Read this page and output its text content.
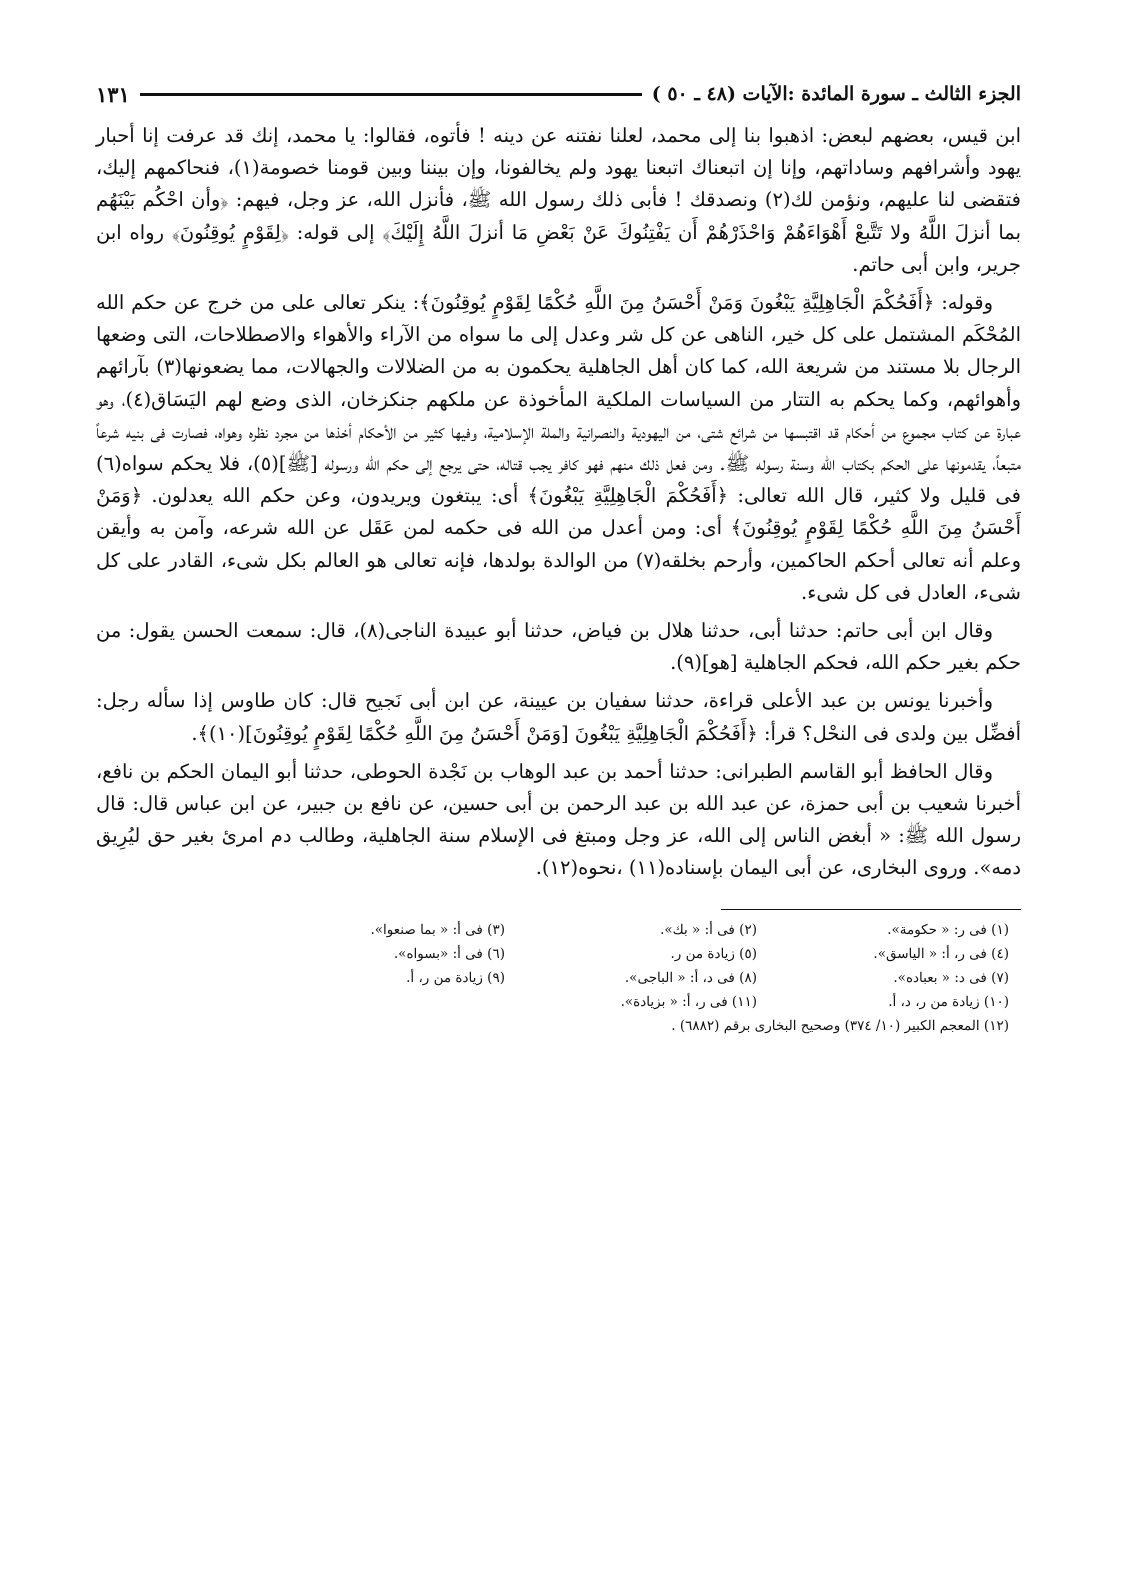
الجزء الثالث ـ سورة المائدة :الآيات (٤٨ ـ ٥٠ )
١٣١

ابن قيس، بعضهم لبعض: اذهبوا بنا إلى محمد، لعلنا نفتنه عن دينه ! فأتوه، فقالوا: يا محمد، إنك قد عرفت إنا أحبار يهود وأشرافهم وساداتهم، وإنا إن اتبعناك اتبعنا يهود ولم يخالفونا، وإن بيننا وبين قومنا خصومة(١)، فنحاكمهم إليك، فتقضى لنا عليهم، ونؤمن لك(٢) ونصدقك ! فأبى ذلك رسول الله ﷺ، فأنزل الله، عز وجل، فيهم: ﴿وأن احْكُم بَيْنَهُم بما أنزلَ اللَّهُ ولا تَتَّبعْ أَهْوَاءَهُمْ وَاحْذَرْهُمْ أَن يَفْتِنُوكَ عَنْ بَعْضِ مَا أنزلَ اللَّهُ إِلَيْكَ﴾ إلى قوله: ﴿لِقَوْمٍ يُوقِنُونَ﴾ رواه ابن جرير، وابن أبى حاتم.

وقوله: ﴿أَفَحُكْمَ الْجَاهِلِيَّةِ يَبْغُونَ وَمَنْ أَحْسَنُ مِنَ اللَّهِ حُكْمًا لِقَوْمٍ يُوقِنُونَ﴾: ينكر تعالى على من خرج عن حكم الله المُحْكَم المشتمل على كل خير، الناهى عن كل شر وعدل إلى ما سواه من الآراء والأهواء والاصطلاحات، التى وضعها الرجال بلا مستند من شريعة الله، كما كان أهل الجاهلية يحكمون به من الضلالات والجهالات، مما يضعونها(٣) بآرائهم وأهوائهم، وكما يحكم به التتار من السياسات الملكية المأخوذة عن ملكهم جنكزخان، الذى وضع لهم اليَسَاق(٤)، وهو عبارة عن كتاب مجموع من أحكام قد اقتبسها من شرائع شتى، من اليهودية والنصرانية والملة الإسلامية، وفيها كثير من الأحكام أخذها من مجرد نظره وهواه، فصارت فى بنيه شرعاً متبعاً، يقدمونها على الحكم بكتاب الله وسنة رسوله ﷺ. ومن فعل ذلك منهم فهو كافر يجب قتاله، حتى يرجع إلى حكم الله ورسوله [ﷺ](٥)، فلا يحكم سواه(٦) فى قليل ولا كثير، قال الله تعالى: ﴿أَفَحُكْمَ الْجَاهِلِيَّةِ يَبْغُونَ﴾ أى: يبتغون ويريدون، وعن حكم الله يعدلون. ﴿وَمَنْ أَحْسَنُ مِنَ اللَّهِ حُكْمًا لِقَوْمٍ يُوقِنُونَ﴾ أى: ومن أعدل من الله فى حكمه لمن عَقَل عن الله شرعه، وآمن به وأيقن وعلم أنه تعالى أحكم الحاكمين، وأرحم بخلقه(٧) من الوالدة بولدها، فإنه تعالى هو العالم بكل شىء، القادر على كل شىء، العادل فى كل شىء.

وقال ابن أبى حاتم: حدثنا أبى، حدثنا هلال بن فياض، حدثنا أبو عبيدة الناجى(٨)، قال: سمعت الحسن يقول: من حكم بغير حكم الله، فحكم الجاهلية [هو](٩).

وأخبرنا يونس بن عبد الأعلى قراءة، حدثنا سفيان بن عيينة، عن ابن أبى نَجيح قال: كان طاوس إذا سأله رجل: أفضِّل بين ولدى فى النحْل؟ قرأ: ﴿أَفَحُكْمَ الْجَاهِلِيَّةِ يَبْغُونَ [وَمَنْ أَحْسَنُ مِنَ اللَّهِ حُكْمًا لِقَوْمٍ يُوقِنُونَ](١٠)﴾.

وقال الحافظ أبو القاسم الطبرانى: حدثنا أحمد بن عبد الوهاب بن نَجْدة الحوطى، حدثنا أبو اليمان الحكم بن نافع، أخبرنا شعيب بن أبى حمزة، عن عبد الله بن عبد الرحمن بن أبى حسين، عن نافع بن جبير، عن ابن عباس قال: قال رسول الله ﷺ: « أبغض الناس إلى الله، عز وجل ومبتغ فى الإسلام سنة الجاهلية، وطالب دم امرئ بغير حق ليُرِيق دمه». وروى البخارى، عن أبى اليمان بإسناده(١١) ،نحوه(١٢).

(١) فى ر: « حكومة».
(٢) فى أ: « بك».
(٣) فى أ: « بما صنعوا».
(٤) فى ر، أ: « الياسق».
(٥) زيادة من ر.
(٦) فى أ: «بسواه».
(٧) فى د: « بعباده».
(٨) فى د، أ: « الباجى».
(٩) زيادة من ر، أ.
(١٠) زيادة من ر، د، أ.
(١١) فى ر، أ: « بزيادة».
(١٢) المعجم الكبير (١٠/ ٣٧٤) وصحيح البخارى برقم (٦٨٨٢) .
